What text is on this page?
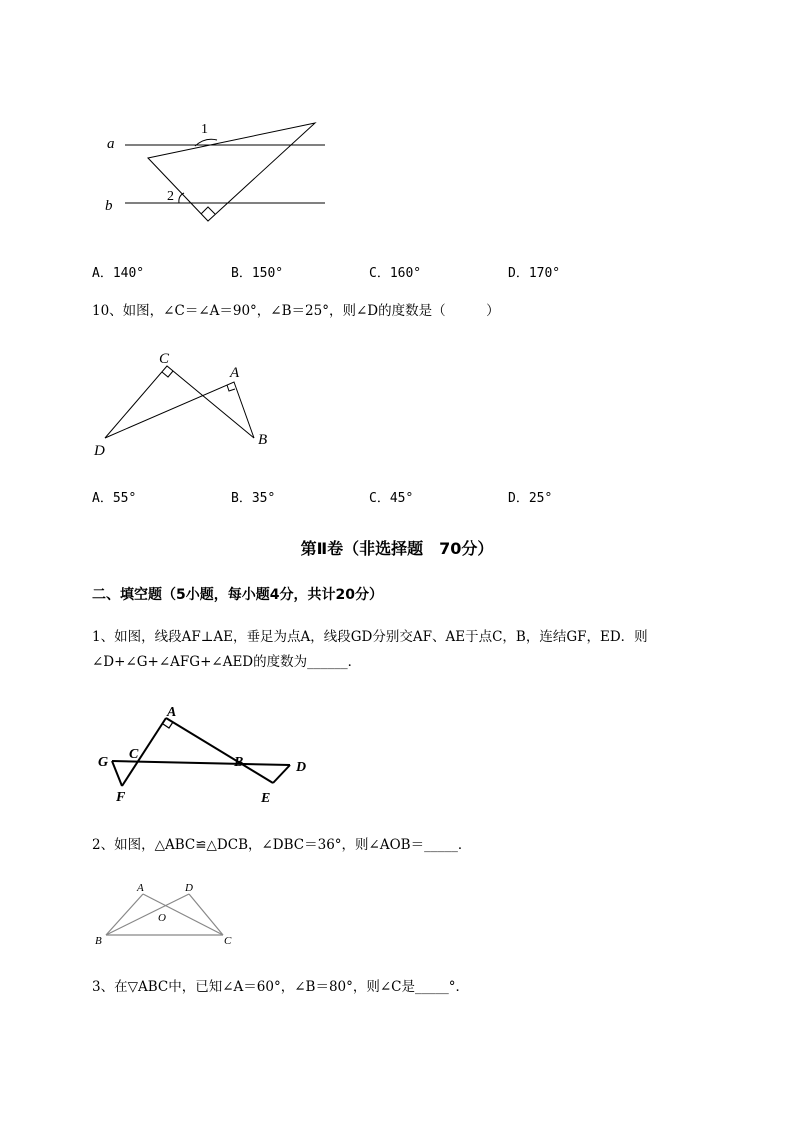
a
b
1
2
A．140°	B．150°	C．160°	D．170°
10、如图，∠C＝∠A＝90°，∠B＝25°，则∠D的度数是（　　　）
C
A
D
B
A．55°	B．35°	C．45°	D．25°
第Ⅱ卷（非选择题　70分）
二、填空题（5小题，每小题4分，共计20分）
1、如图，线段AF⊥AE，垂足为点A，线段GD分别交AF、AE于点C，B，连结GF，ED．则
∠D+∠G+∠AFG+∠AED的度数为______．
A
G
C
B	D
F	E
2、如图，△ABC≌△DCB，∠DBC＝36°，则∠AOB＝_____．
A	D
O
B	C
3、在▽ABC中，已知∠A＝60°，∠B＝80°，则∠C是_____°．
